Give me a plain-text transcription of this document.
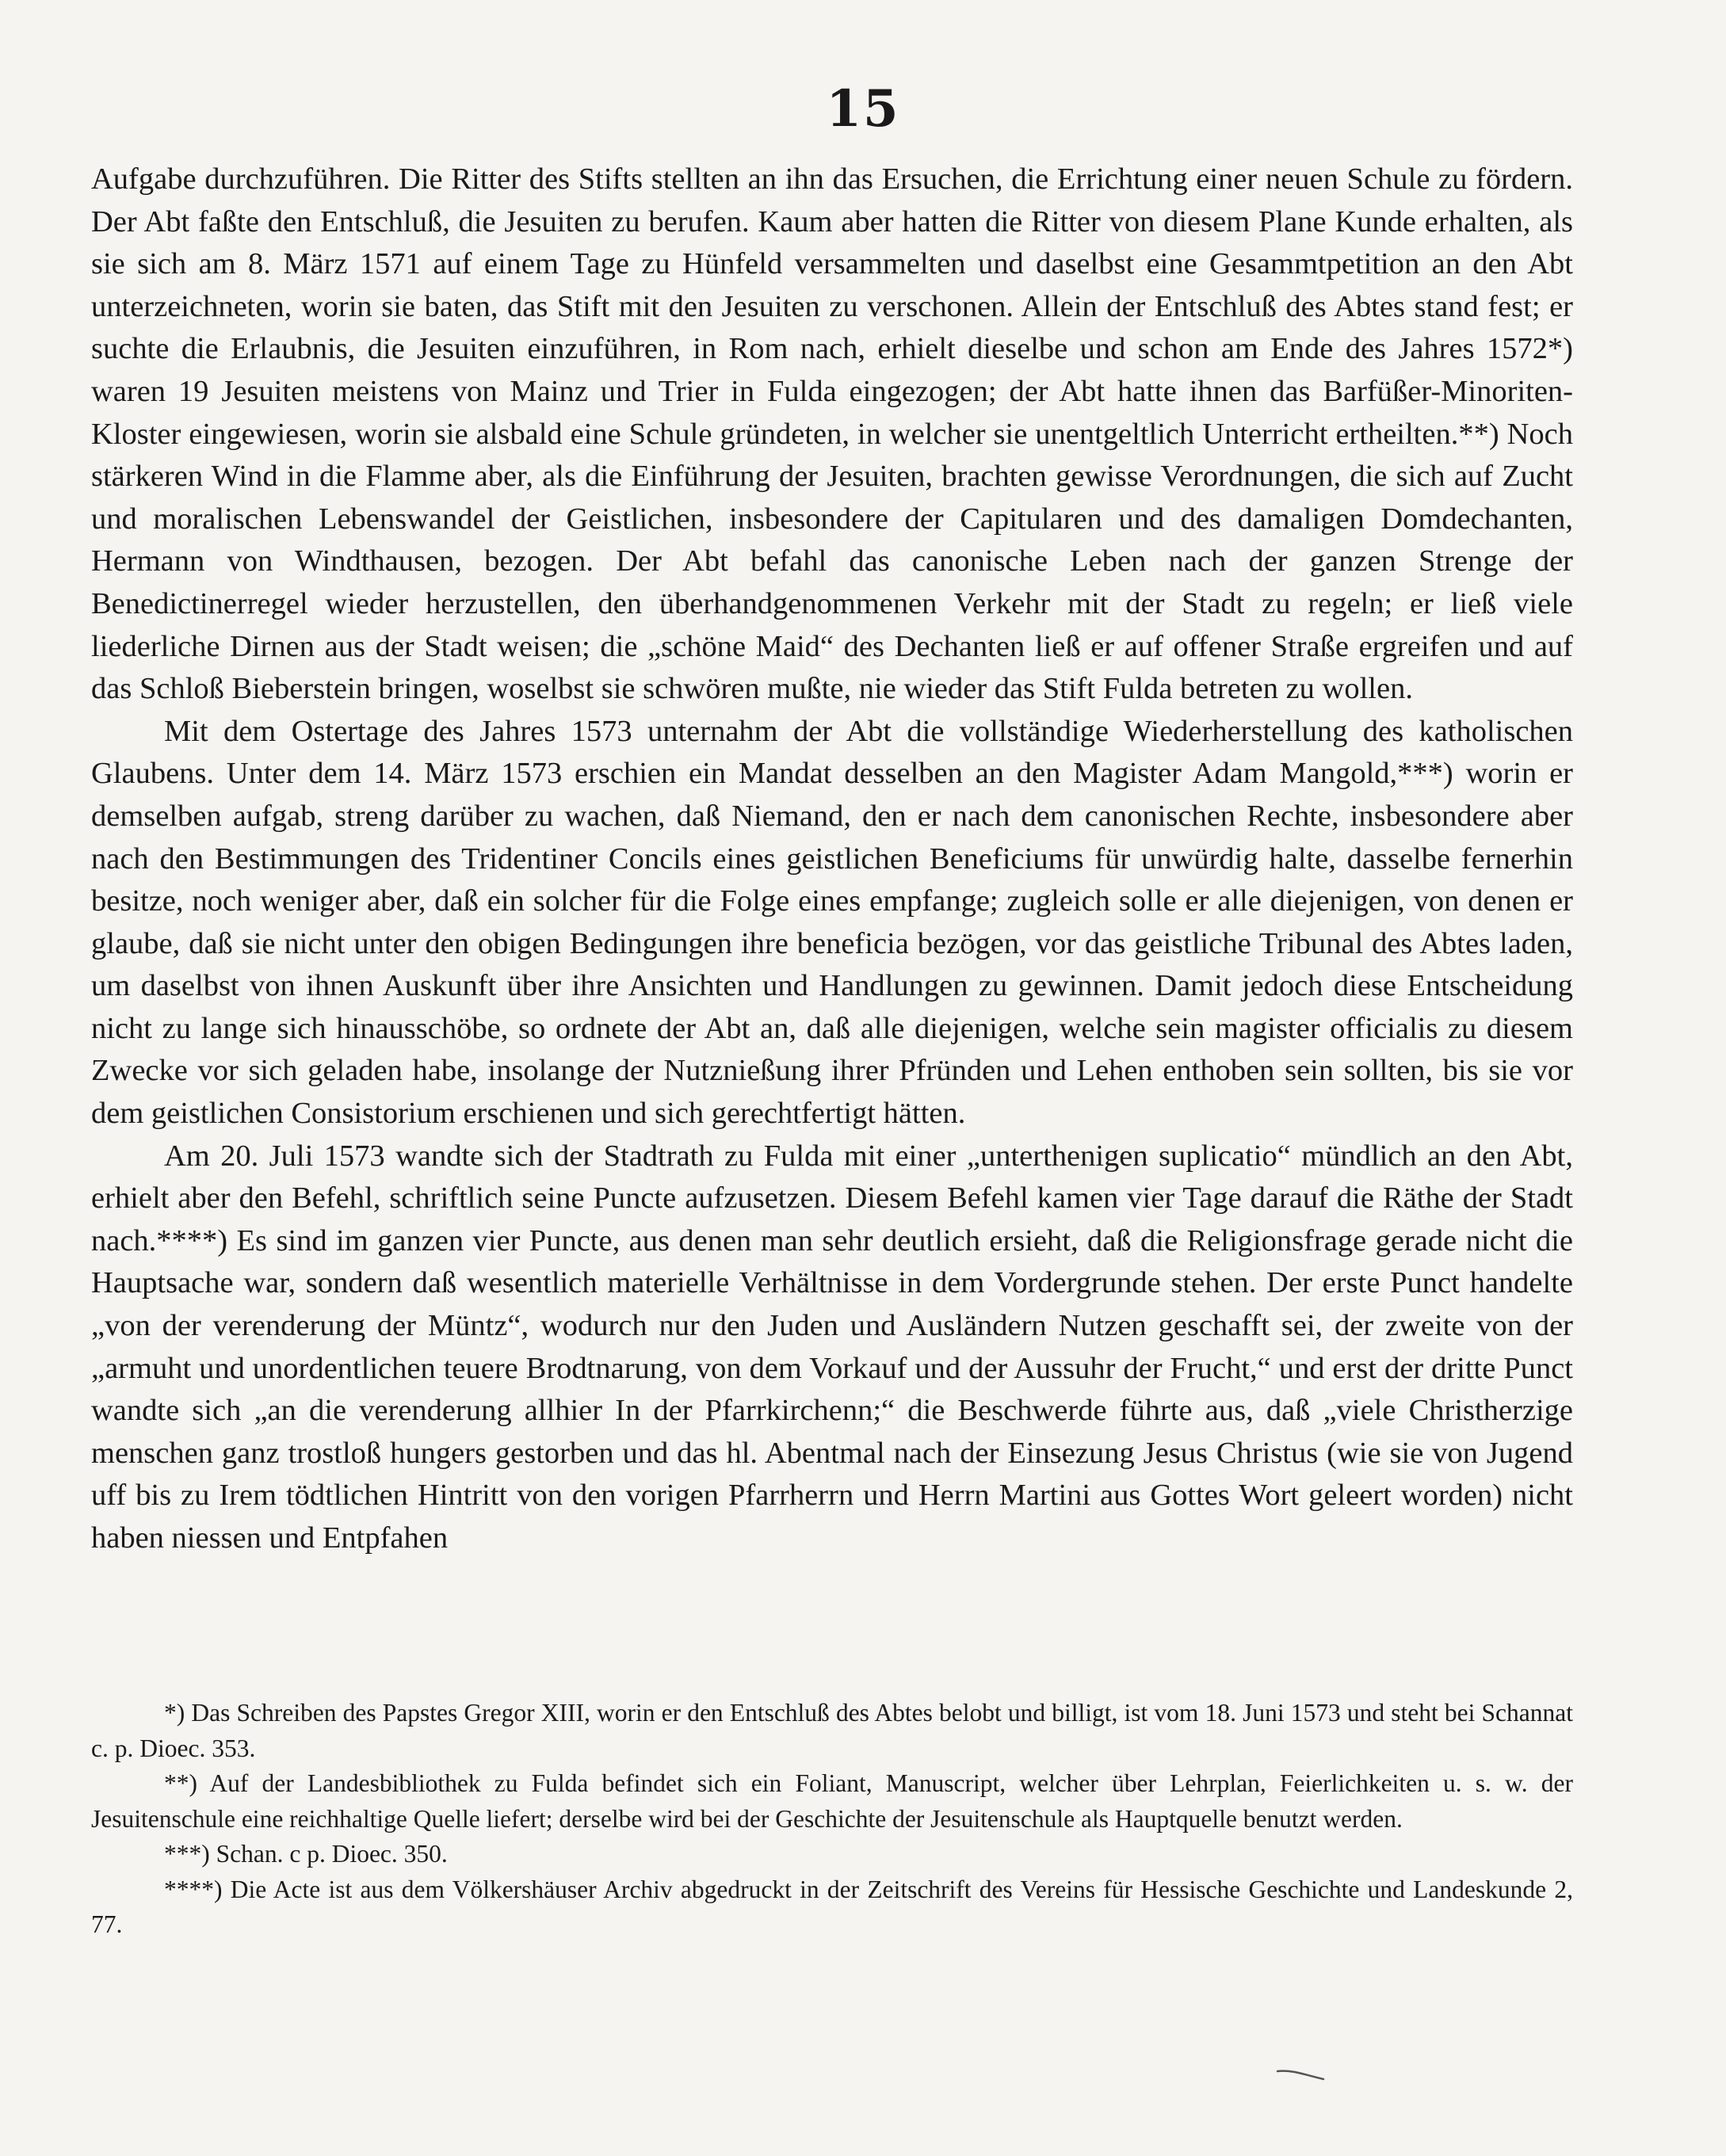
15

Aufgabe durchzuführen. Die Ritter des Stifts stellten an ihn das Ersuchen, die Errichtung einer neuen Schule zu fördern. Der Abt faßte den Entschluß, die Jesuiten zu berufen. Kaum aber hatten die Ritter von diesem Plane Kunde erhalten, als sie sich am 8. März 1571 auf einem Tage zu Hünfeld versammelten und daselbst eine Gesammtpetition an den Abt unterzeichneten, worin sie baten, das Stift mit den Jesuiten zu verschonen. Allein der Entschluß des Abtes stand fest; er suchte die Erlaubnis, die Jesuiten einzuführen, in Rom nach, erhielt dieselbe und schon am Ende des Jahres 1572*) waren 19 Jesuiten meistens von Mainz und Trier in Fulda eingezogen; der Abt hatte ihnen das Barfüßer-Minoriten-Kloster eingewiesen, worin sie alsbald eine Schule gründeten, in welcher sie unentgeltlich Unterricht ertheilten.**) Noch stärkeren Wind in die Flamme aber, als die Einführung der Jesuiten, brachten gewisse Verordnungen, die sich auf Zucht und moralischen Lebenswandel der Geistlichen, insbesondere der Capitularen und des damaligen Domdechanten, Hermann von Windthausen, bezogen. Der Abt befahl das canonische Leben nach der ganzen Strenge der Benedictinerregel wieder herzustellen, den überhandgenommenen Verkehr mit der Stadt zu regeln; er ließ viele liederliche Dirnen aus der Stadt weisen; die „schöne Maid“ des Dechanten ließ er auf offener Straße ergreifen und auf das Schloß Bieberstein bringen, woselbst sie schwören mußte, nie wieder das Stift Fulda betreten zu wollen.

Mit dem Ostertage des Jahres 1573 unternahm der Abt die vollständige Wiederherstellung des katholischen Glaubens. Unter dem 14. März 1573 erschien ein Mandat desselben an den Magister Adam Mangold,***) worin er demselben aufgab, streng darüber zu wachen, daß Niemand, den er nach dem canonischen Rechte, insbesondere aber nach den Bestimmungen des Tridentiner Concils eines geistlichen Beneficiums für unwürdig halte, dasselbe fernerhin besitze, noch weniger aber, daß ein solcher für die Folge eines empfange; zugleich solle er alle diejenigen, von denen er glaube, daß sie nicht unter den obigen Bedingungen ihre beneficia bezögen, vor das geistliche Tribunal des Abtes laden, um daselbst von ihnen Auskunft über ihre Ansichten und Handlungen zu gewinnen. Damit jedoch diese Entscheidung nicht zu lange sich hinausschöbe, so ordnete der Abt an, daß alle diejenigen, welche sein magister officialis zu diesem Zwecke vor sich geladen habe, insolange der Nutznießung ihrer Pfründen und Lehen enthoben sein sollten, bis sie vor dem geistlichen Consistorium erschienen und sich gerechtfertigt hätten.

Am 20. Juli 1573 wandte sich der Stadtrath zu Fulda mit einer „unterthenigen suplicatio“ mündlich an den Abt, erhielt aber den Befehl, schriftlich seine Puncte aufzusetzen. Diesem Befehl kamen vier Tage darauf die Räthe der Stadt nach.****) Es sind im ganzen vier Puncte, aus denen man sehr deutlich ersieht, daß die Religionsfrage gerade nicht die Hauptsache war, sondern daß wesentlich materielle Verhältnisse in dem Vordergrunde stehen. Der erste Punct handelte „von der verenderung der Müntz“, wodurch nur den Juden und Ausländern Nutzen geschafft sei, der zweite von der „armuht und unordentlichen teuere Brodtnarung, von dem Vorkauf und der Aussuhr der Frucht,“ und erst der dritte Punct wandte sich „an die verenderung allhier In der Pfarrkirchenn;“ die Beschwerde führte aus, daß „viele Christherzige menschen ganz trostloß hungers gestorben und das hl. Abentmal nach der Einsezung Jesus Christus (wie sie von Jugend uff bis zu Irem tödtlichen Hintritt von den vorigen Pfarrherrn und Herrn Martini aus Gottes Wort geleert worden) nicht haben niessen und Entpfahen

*) Das Schreiben des Papstes Gregor XIII, worin er den Entschluß des Abtes belobt und billigt, ist vom 18. Juni 1573 und steht bei Schannat c. p. Dioec. 353.

**) Auf der Landesbibliothek zu Fulda befindet sich ein Foliant, Manuscript, welcher über Lehrplan, Feierlichkeiten u. s. w. der Jesuitenschule eine reichhaltige Quelle liefert; derselbe wird bei der Geschichte der Jesuitenschule als Hauptquelle benutzt werden.

***) Schan. c p. Dioec. 350.

****) Die Acte ist aus dem Völkershäuser Archiv abgedruckt in der Zeitschrift des Vereins für Hessische Geschichte und Landeskunde 2, 77.
